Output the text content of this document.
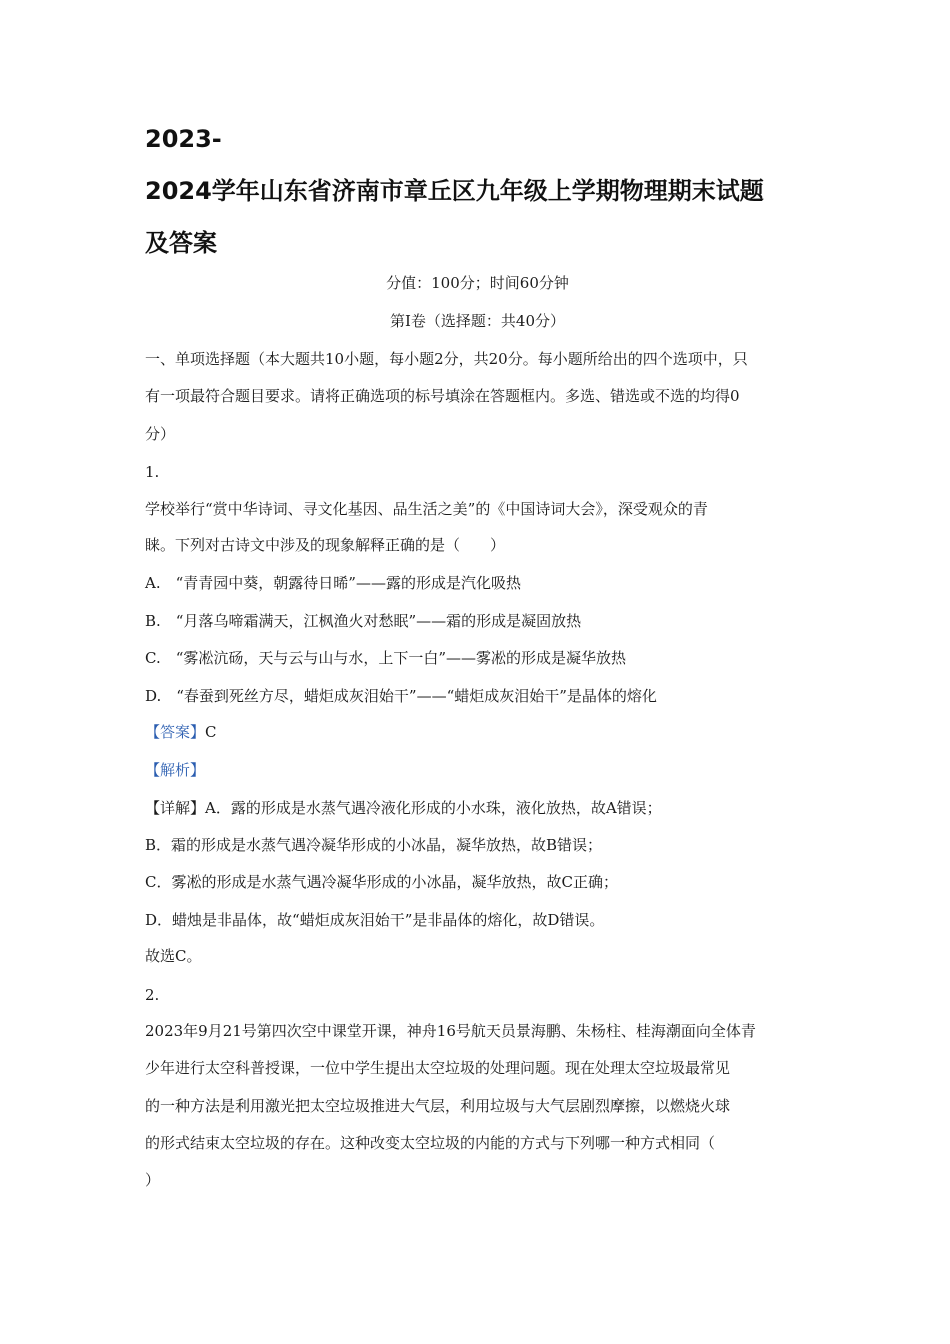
2023-
2024学年山东省济南市章丘区九年级上学期物理期末试题
及答案
分值：100分；时间60分钟
第Ⅰ卷（选择题：共40分）
一、单项选择题（本大题共10小题，每小题2分，共20分。每小题所给出的四个选项中，只
有一项最符合题目要求。请将正确选项的标号填涂在答题框内。多选、错选或不选的均得0
分）
1.
学校举行“赏中华诗词、寻文化基因、品生活之美”的《中国诗词大会》，深受观众的青
睐。下列对古诗文中涉及的现象解释正确的是（　　）
A.　“青青园中葵，朝露待日晞”——露的形成是汽化吸热
B.　“月落乌啼霜满天，江枫渔火对愁眠”——霜的形成是凝固放热
C.　“雾凇沆砀，天与云与山与水，上下一白”——雾凇的形成是凝华放热
D.　“春蚕到死丝方尽，蜡炬成灰泪始干”——“蜡炬成灰泪始干”是晶体的熔化
【答案】C
【解析】
【详解】A．露的形成是水蒸气遇冷液化形成的小水珠，液化放热，故A错误；
B．霜的形成是水蒸气遇冷凝华形成的小冰晶，凝华放热，故B错误；
C．雾凇的形成是水蒸气遇冷凝华形成的小冰晶，凝华放热，故C正确；
D．蜡烛是非晶体，故“蜡炬成灰泪始干”是非晶体的熔化，故D错误。
故选C。
2.
2023年9月21号第四次空中课堂开课，神舟16号航天员景海鹏、朱杨柱、桂海潮面向全体青
少年进行太空科普授课，一位中学生提出太空垃圾的处理问题。现在处理太空垃圾最常见
的一种方法是利用激光把太空垃圾推进大气层，利用垃圾与大气层剧烈摩擦，以燃烧火球
的形式结束太空垃圾的存在。这种改变太空垃圾的内能的方式与下列哪一种方式相同（
）
